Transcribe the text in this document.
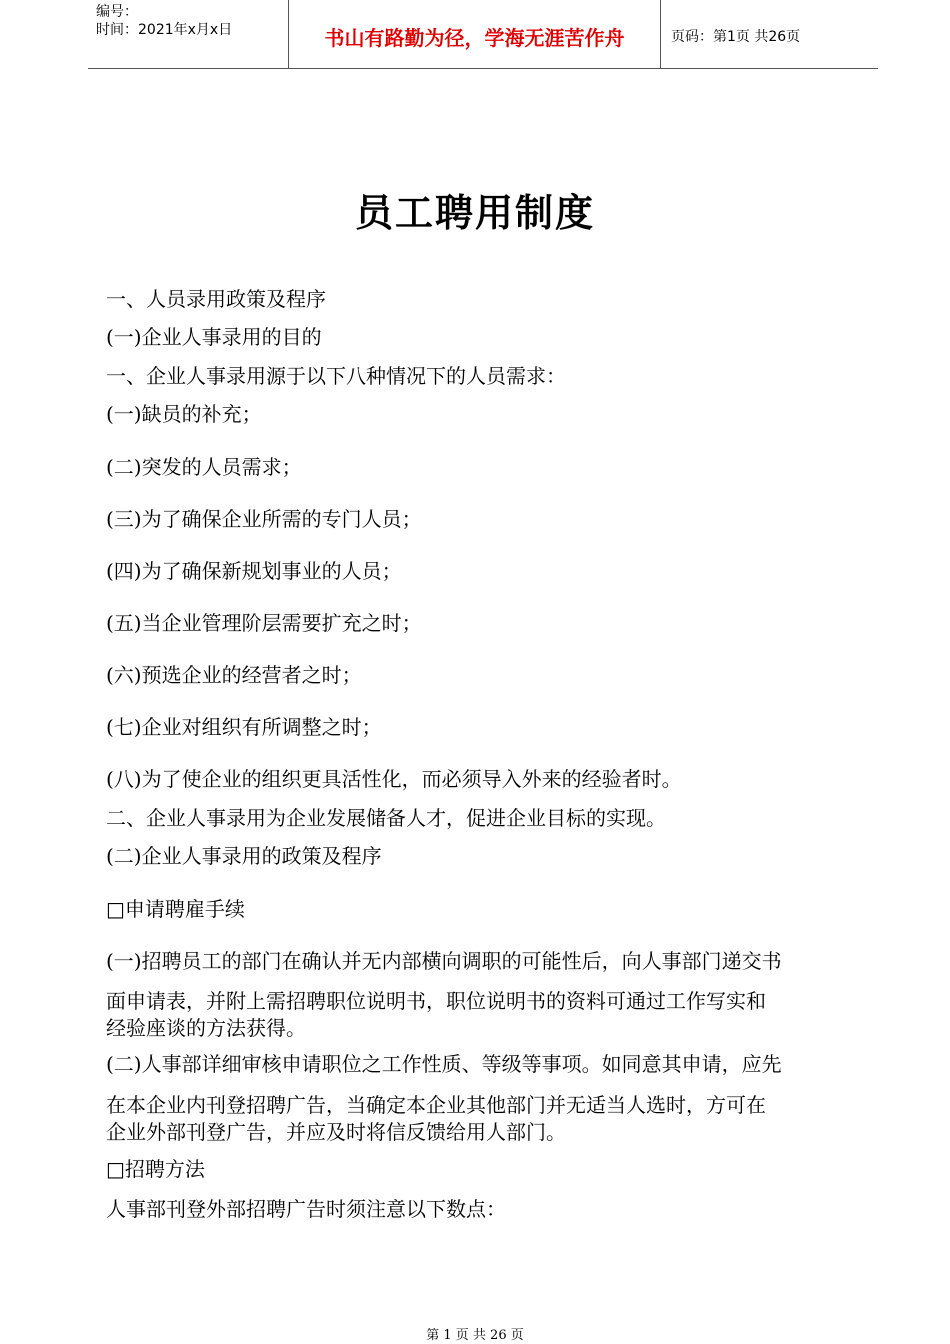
编号：
时间：2021年x月x日	书山有路勤为径，学海无涯苦作舟	页码：第1页 共26页
员工聘用制度
一、人员录用政策及程序
(一)企业人事录用的目的
一、企业人事录用源于以下八种情况下的人员需求：
(一)缺员的补充；
(二)突发的人员需求；
(三)为了确保企业所需的专门人员；
(四)为了确保新规划事业的人员；
(五)当企业管理阶层需要扩充之时；
(六)预选企业的经营者之时；
(七)企业对组织有所调整之时；
(八)为了使企业的组织更具活性化，而必须导入外来的经验者时。
二、企业人事录用为企业发展储备人才，促进企业目标的实现。
(二)企业人事录用的政策及程序
□申请聘雇手续
(一)招聘员工的部门在确认并无内部横向调职的可能性后，向人事部门递交书
面申请表，并附上需招聘职位说明书，职位说明书的资料可通过工作写实和
经验座谈的方法获得。
(二)人事部详细审核申请职位之工作性质、等级等事项。如同意其申请，应先
在本企业内刊登招聘广告，当确定本企业其他部门并无适当人选时，方可在
企业外部刊登广告，并应及时将信反馈给用人部门。
□招聘方法
人事部刊登外部招聘广告时须注意以下数点：
第 1 页 共 26 页
